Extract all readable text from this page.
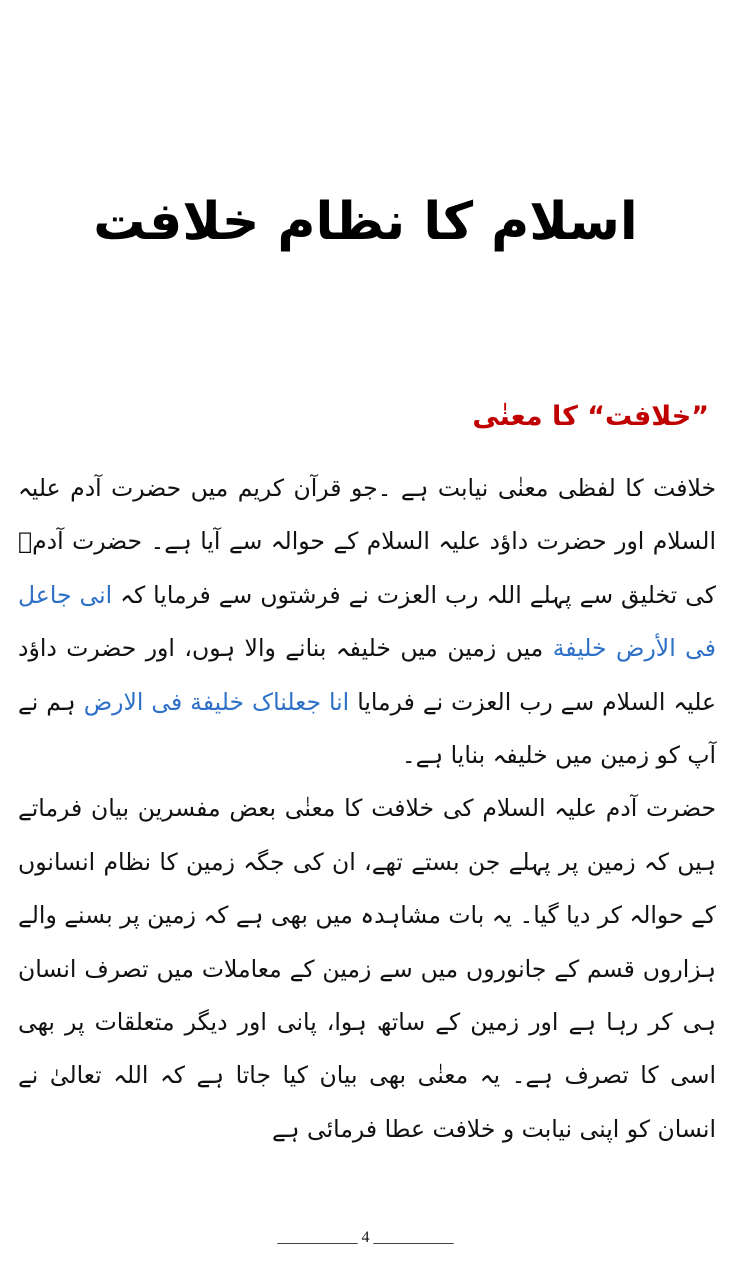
اسلام کا نظام خلافت
”خلافت“ کا معنٰی

خلافت کا لفظی معنٰی نیابت ہے ۔جو قرآن کریم میں حضرت آدم علیہ السلام اور حضرت داؤد علیہ السلام کے حوالہ سے آیا ہے۔ حضرت آدمؑ کی تخلیق سے پہلے اللہ رب العزت نے فرشتوں سے فرمایا کہ انی جاعل فی الأرض خلیفة میں زمین میں خلیفہ بنانے والا ہوں، اور حضرت داؤد علیہ السلام سے رب العزت نے فرمایا انا جعلناک خلیفة فی الارض ہم نے آپ کو زمین میں خلیفہ بنایا ہے۔

حضرت آدم علیہ السلام کی خلافت کا معنٰی بعض مفسرین بیان فرماتے ہیں کہ زمین پر پہلے جن بستے تھے، ان کی جگہ زمین کا نظام انسانوں کے حوالہ کر دیا گیا۔ یہ بات مشاہدہ میں بھی ہے کہ زمین پر بسنے والے ہزاروں قسم کے جانوروں میں سے زمین کے معاملات میں تصرف انسان ہی کر رہا ہے اور زمین کے ساتھ ہوا، پانی اور دیگر متعلقات پر بھی اسی کا تصرف ہے۔ یہ معنٰی بھی بیان کیا جاتا ہے کہ اللہ تعالیٰ نے انسان کو اپنی نیابت و خلافت عطا فرمائی ہے

__________ 4 __________
